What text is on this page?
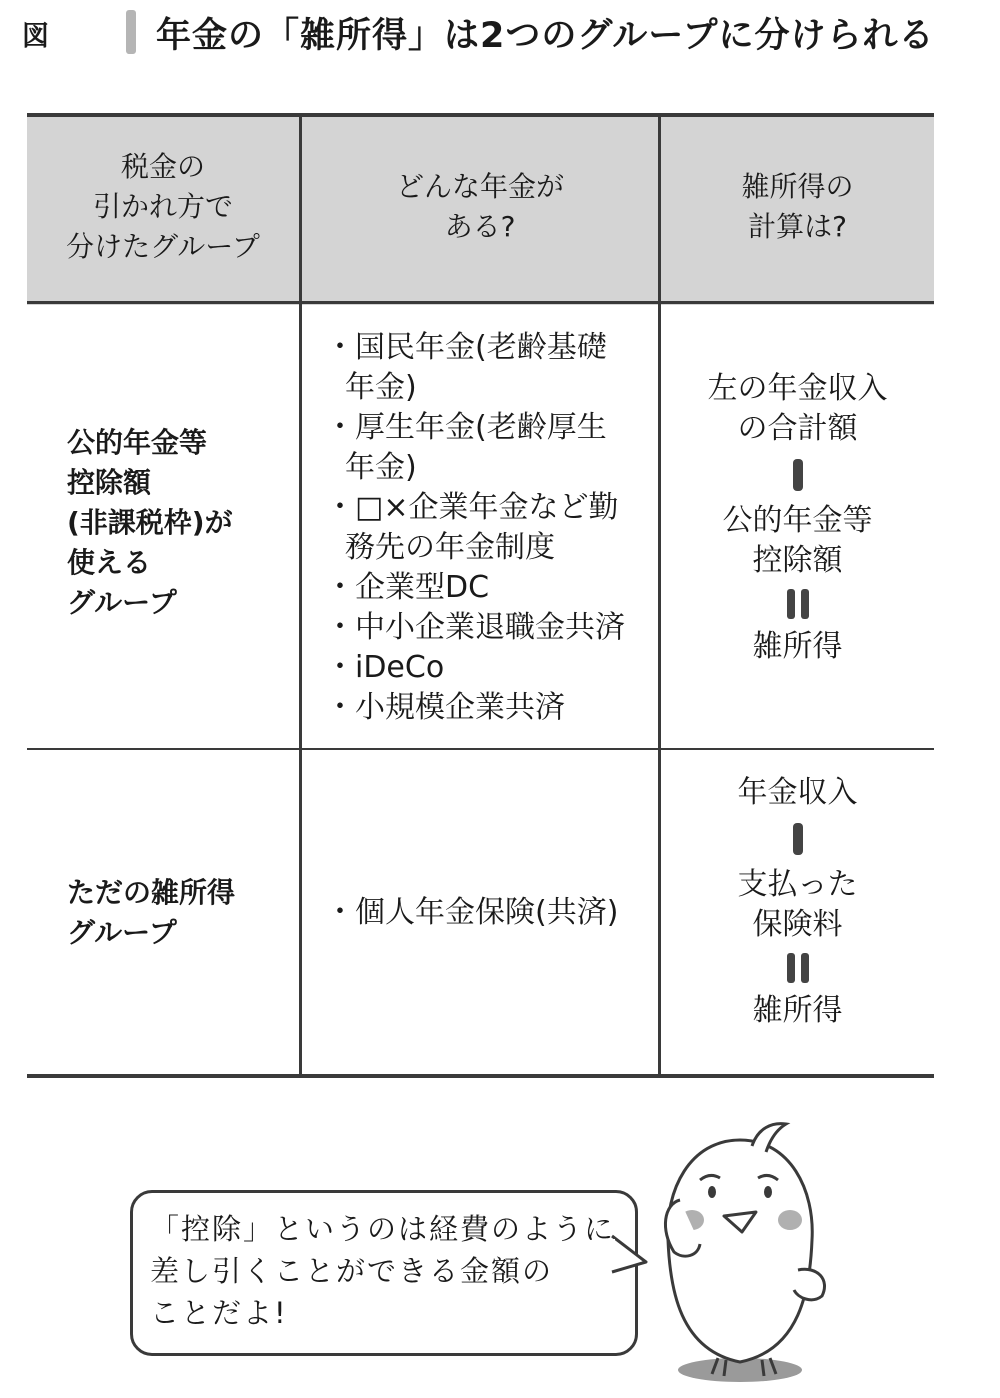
図	年金の「雑所得」は2つのグループに分けられる
税金の
引かれ方で
分けたグループ
どんな年金が
ある?
雑所得の
計算は?
公的年金等
控除額
(非課税枠)が
使える
グループ
・国民年金(老齢基礎
年金)
・厚生年金(老齢厚生
年金)
・□×企業年金など勤
務先の年金制度
・企業型DC
・中小企業退職金共済
・iDeCo
・小規模企業共済
左の年金収入
の合計額
公的年金等
控除額
雑所得
ただの雑所得
グループ
・個人年金保険(共済)
年金収入
支払った
保険料
雑所得
「控除」というのは経費のように
差し引くことができる金額の
ことだよ!
